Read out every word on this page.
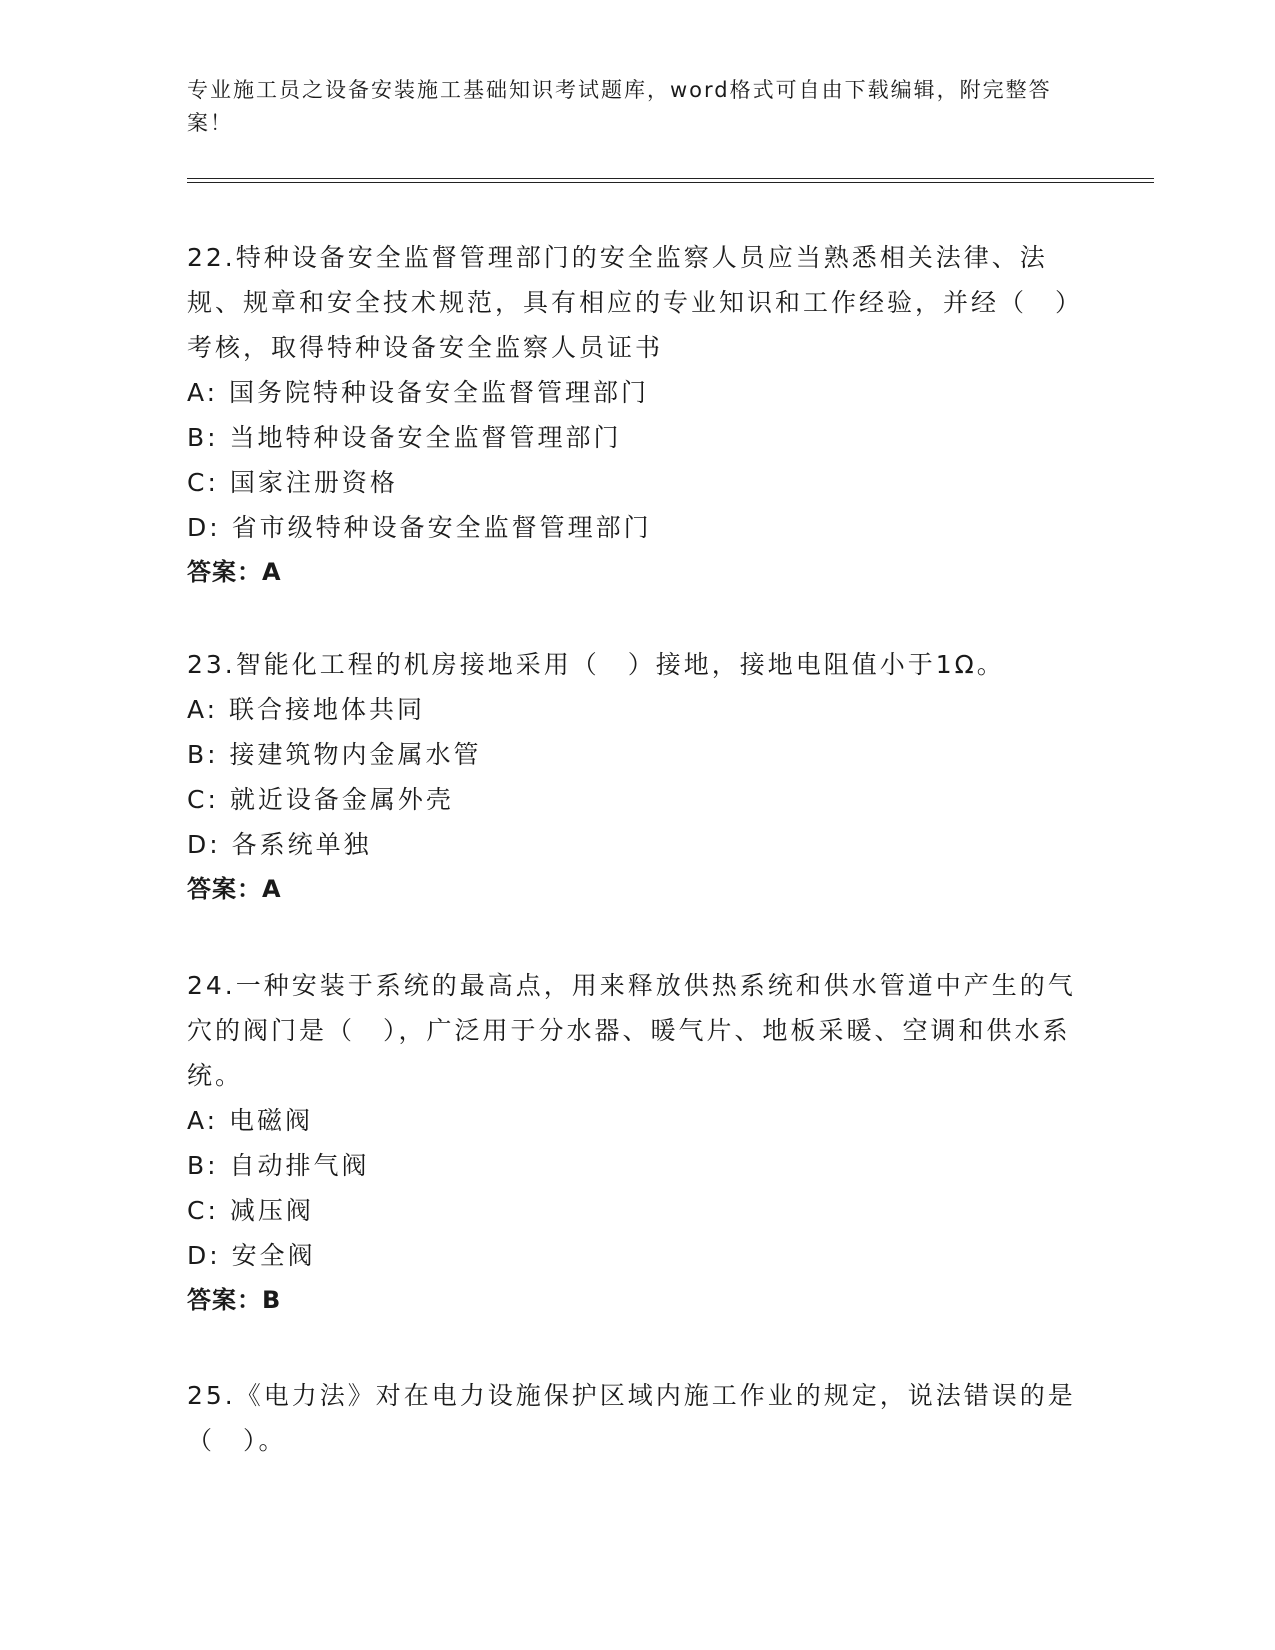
专业施工员之设备安装施工基础知识考试题库，word格式可自由下载编辑，附完整答案！

22.特种设备安全监督管理部门的安全监察人员应当熟悉相关法律、法规、规章和安全技术规范，具有相应的专业知识和工作经验，并经（　）考核，取得特种设备安全监察人员证书

A: 国务院特种设备安全监督管理部门
B: 当地特种设备安全监督管理部门
C: 国家注册资格
D: 省市级特种设备安全监督管理部门
答案：A

23.智能化工程的机房接地采用（　）接地，接地电阻值小于1Ω。

A: 联合接地体共同
B: 接建筑物内金属水管
C: 就近设备金属外壳
D: 各系统单独
答案：A

24.一种安装于系统的最高点，用来释放供热系统和供水管道中产生的气穴的阀门是（　），广泛用于分水器、暖气片、地板采暖、空调和供水系统。

A: 电磁阀
B: 自动排气阀
C: 减压阀
D: 安全阀
答案：B

25.《电力法》对在电力设施保护区域内施工作业的规定，说法错误的是（　）。
